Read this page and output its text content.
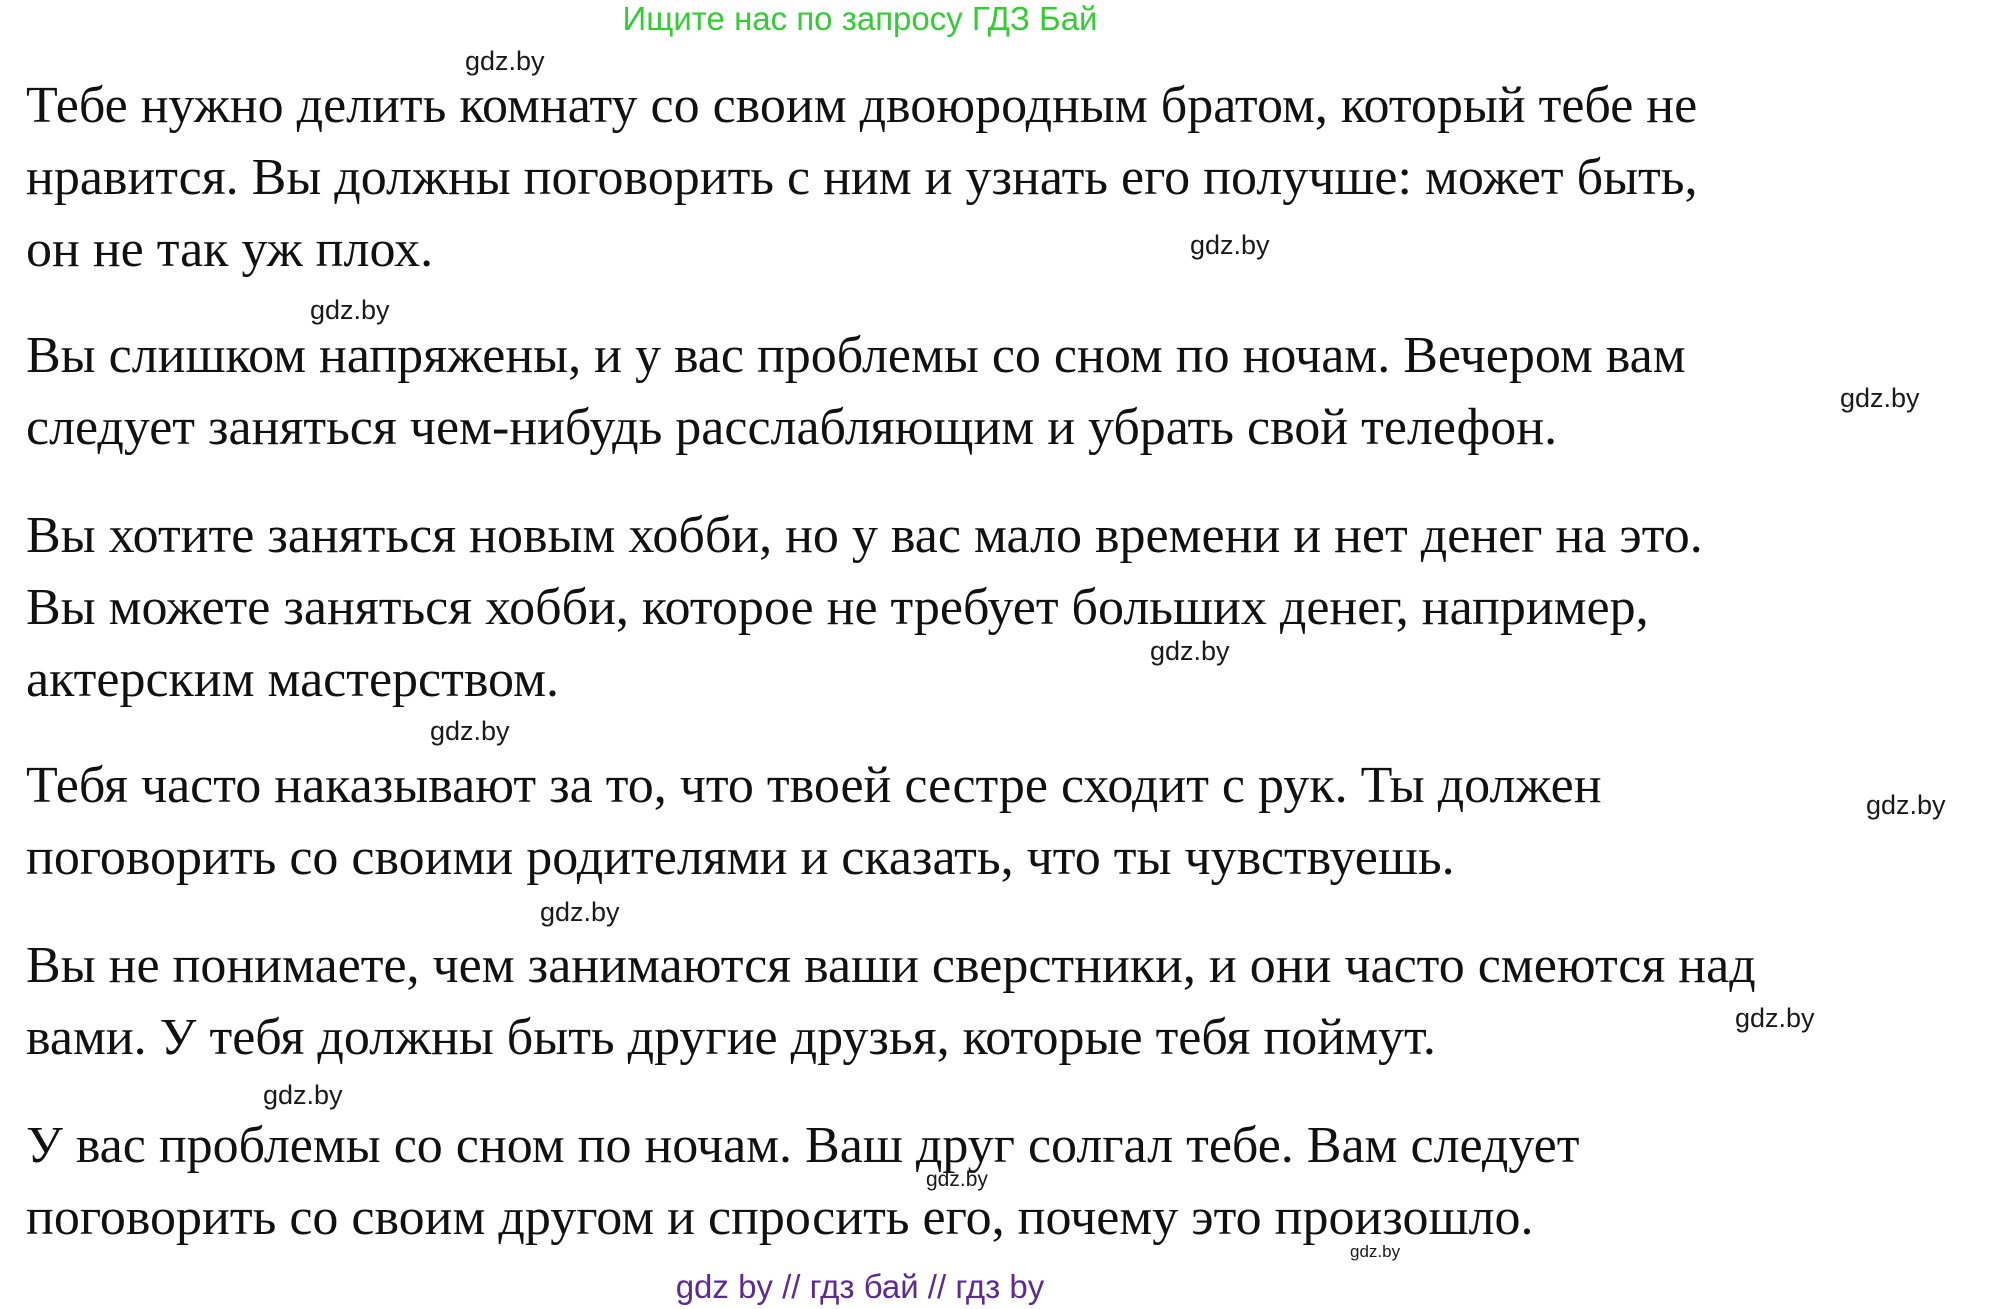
Ищите нас по запросу ГДЗ Бай
Тебе нужно делить комнату со своим двоюродным братом, который тебе не
нравится. Вы должны поговорить с ним и узнать его получше: может быть,
он не так уж плох.
Вы слишком напряжены, и у вас проблемы со сном по ночам. Вечером вам
следует заняться чем-нибудь расслабляющим и убрать свой телефон.
Вы хотите заняться новым хобби, но у вас мало времени и нет денег на это.
Вы можете заняться хобби, которое не требует больших денег, например,
актерским мастерством.
Тебя часто наказывают за то, что твоей сестре сходит с рук. Ты должен
поговорить со своими родителями и сказать, что ты чувствуешь.
Вы не понимаете, чем занимаются ваши сверстники, и они часто смеются над
вами. У тебя должны быть другие друзья, которые тебя поймут.
У вас проблемы со сном по ночам. Ваш друг солгал тебе. Вам следует
поговорить со своим другом и спросить его, почему это произошло.
gdz.by
gdz.by
gdz.by
gdz.by
gdz.by
gdz.by
gdz.by
gdz.by
gdz.by
gdz.by
gdz.by
gdz.by
gdz by // гдз бай // гдз by
